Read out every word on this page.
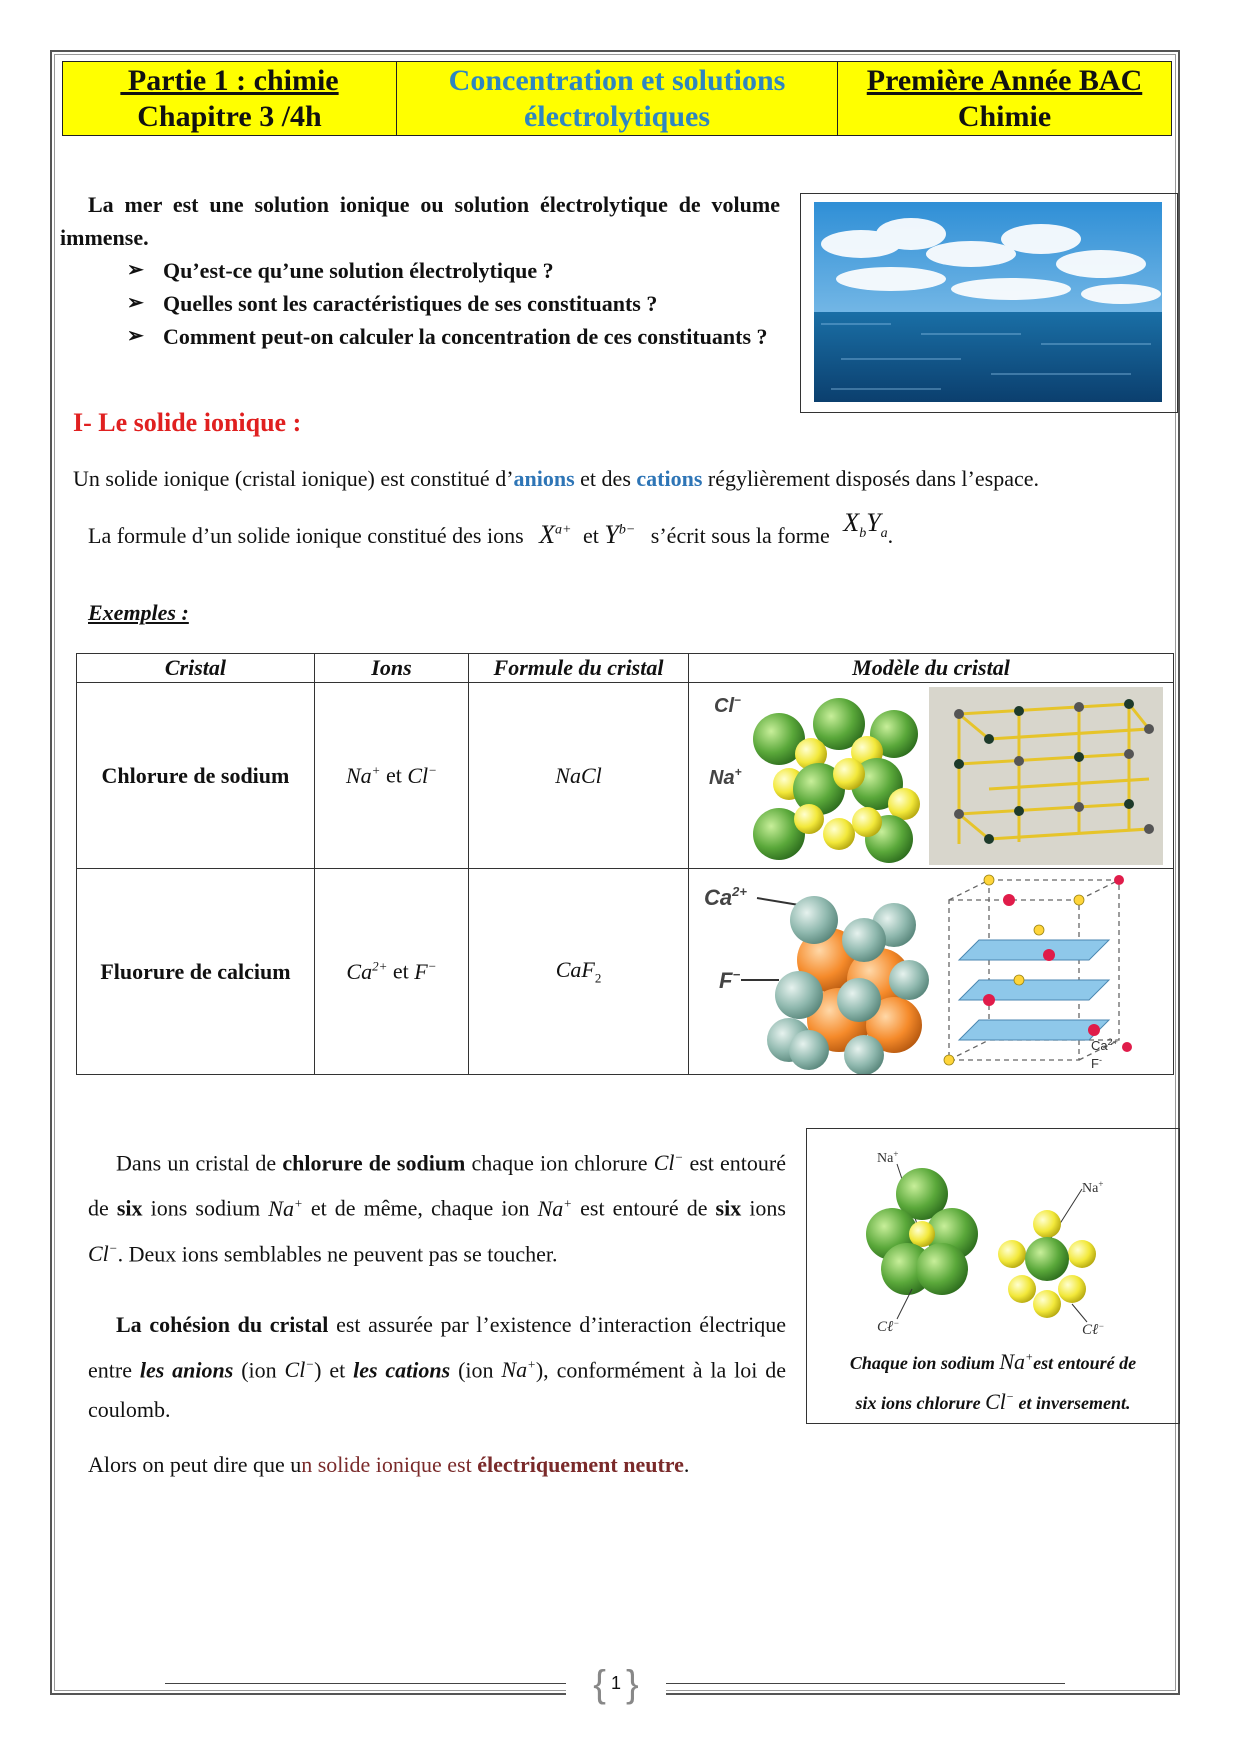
Partie 1 : chimie
Chapitre 3 /4h
Concentration et solutions
électrolytiques
Première Année BAC
Chimie

La mer est une solution ionique ou solution électrolytique de volume immense.

➢ Qu’est-ce qu’une solution électrolytique ?
➢ Quelles sont les caractéristiques de ses constituants ?
➢ Comment peut-on calculer la concentration de ces constituants ?
I- Le solide ionique :
Un solide ionique (cristal ionique) est constitué d’anions et des cations régylièrement disposés dans l’espace.
La formule d’un solide ionique constitué des ions $X^{a+}$ et $Y^{b-}$ s’écrit sous la forme $X_bY_a$.
Exemples :
Cristal	Ions	Formule du cristal	Modèle du cristal
Chlorure de sodium	Na+ et Cl−	NaCl	Cl−
Na+

Fluorure de calcium	$Ca^{2+}$ et F−	CaF$_2$	$Ca^{2+}$
F−
$Ca^{2+}$
F-

Dans un cristal de chlorure de sodium chaque ion chlorure Cl− est entouré de six ions sodium Na+ et de même, chaque ion Na+ est entouré de six ions Cl−. Deux ions semblables ne peuvent pas se toucher.

La cohésion du cristal est assurée par l’existence d’interaction électrique entre les anions (ion Cl−) et les cations (ion Na+), conformément à la loi de coulomb.

Alors on peut dire que un solide ionique est électriquement neutre.

Na+
Cℓ−
Na+
Cℓ−
Chaque ion sodium Na+est entouré de
six ions chlorure Cl− et inversement.
{ 1 }
